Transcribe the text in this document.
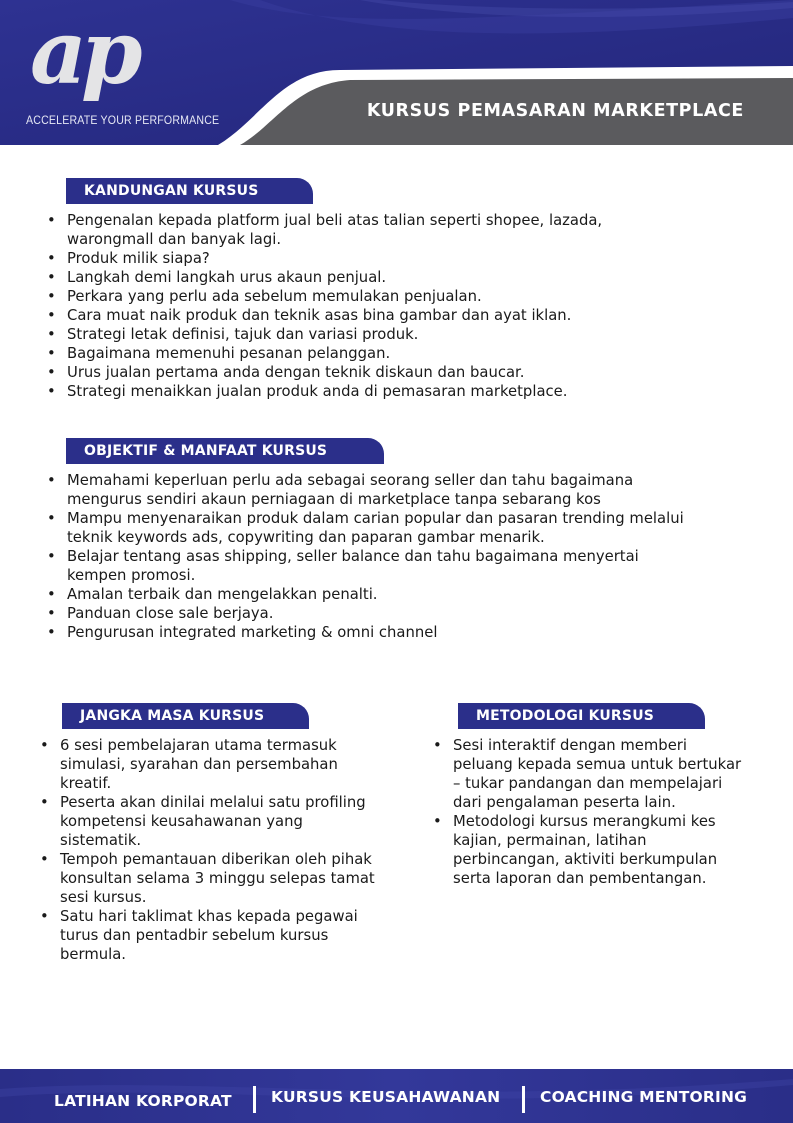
ap
ACCELERATE YOUR PERFORMANCE	KURSUS PEMASARAN MARKETPLACE
KANDUNGAN KURSUS
• Pengenalan kepada platform jual beli atas talian seperti shopee, lazada, warongmall dan banyak lagi.
• Produk milik siapa?
• Langkah demi langkah urus akaun penjual.
• Perkara yang perlu ada sebelum memulakan penjualan.
• Cara muat naik produk dan teknik asas bina gambar dan ayat iklan.
• Strategi letak definisi, tajuk dan variasi produk.
• Bagaimana memenuhi pesanan pelanggan.
• Urus jualan pertama anda dengan teknik diskaun dan baucar.
• Strategi menaikkan jualan produk anda di pemasaran marketplace.
OBJEKTIF & MANFAAT KURSUS
• Memahami keperluan perlu ada sebagai seorang seller dan tahu bagaimana mengurus sendiri akaun perniagaan di marketplace tanpa sebarang kos
• Mampu menyenaraikan produk dalam carian popular dan pasaran trending melalui teknik keywords ads, copywriting dan paparan gambar menarik.
• Belajar tentang asas shipping, seller balance dan tahu bagaimana menyertai kempen promosi.
• Amalan terbaik dan mengelakkan penalti.
• Panduan close sale berjaya.
• Pengurusan integrated marketing & omni channel
JANGKA MASA KURSUS
• 6 sesi pembelajaran utama termasuk simulasi, syarahan dan persembahan kreatif.
• Peserta akan dinilai melalui satu profiling kompetensi keusahawanan yang sistematik.
• Tempoh pemantauan diberikan oleh pihak konsultan selama 3 minggu selepas tamat sesi kursus.
• Satu hari taklimat khas kepada pegawai turus dan pentadbir sebelum kursus bermula.
METODOLOGI KURSUS
• Sesi interaktif dengan memberi peluang kepada semua untuk bertukar – tukar pandangan dan mempelajari dari pengalaman peserta lain.
• Metodologi kursus merangkumi kes kajian, permainan, latihan perbincangan, aktiviti berkumpulan serta laporan dan pembentangan.
LATIHAN KORPORAT	KURSUS KEUSAHAWANAN	COACHING MENTORING
